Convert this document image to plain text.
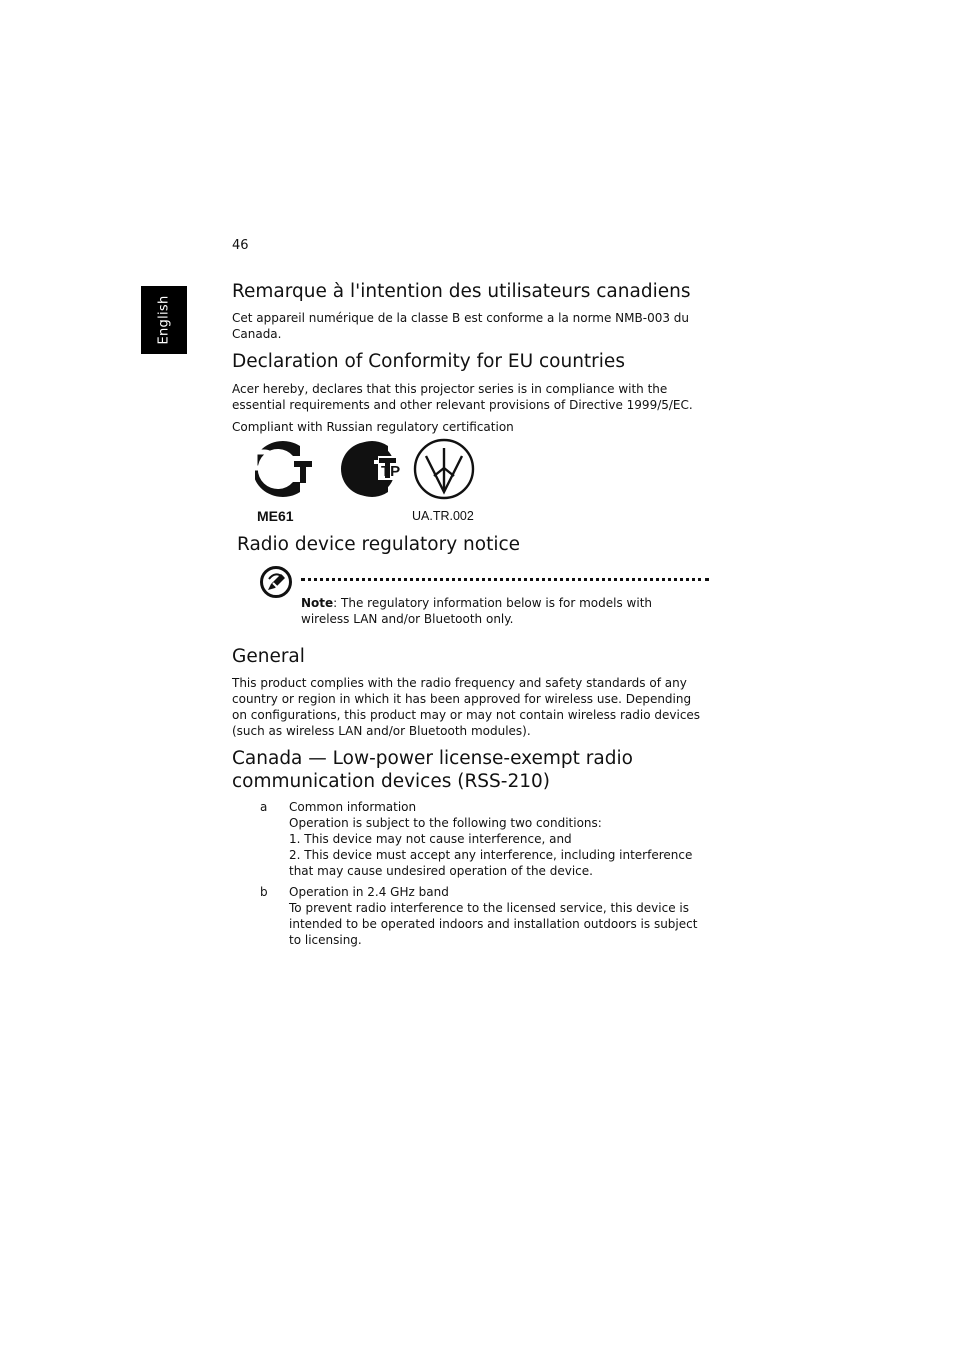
46
English
Remarque à l'intention des utilisateurs canadiens

Cet appareil numérique de la classe B est conforme a la norme NMB-003 du Canada.

Declaration of Conformity for EU countries

Acer hereby, declares that this projector series is in compliance with the essential requirements and other relevant provisions of Directive 1999/5/EC.

Compliant with Russian regulatory certification

TP
ME61	UA.TR.002
Radio device regulatory notice

Note: The regulatory information below is for models with wireless LAN and/or Bluetooth only.

General

This product complies with the radio frequency and safety standards of any country or region in which it has been approved for wireless use. Depending on configurations, this product may or may not contain wireless radio devices (such as wireless LAN and/or Bluetooth modules).

Canada — Low-power license-exempt radio communication devices (RSS-210)
a Common information
Operation is subject to the following two conditions:
1. This device may not cause interference, and
2. This device must accept any interference, including interference that may cause undesired operation of the device.

b Operation in 2.4 GHz band
To prevent radio interference to the licensed service, this device is intended to be operated indoors and installation outdoors is subject to licensing.
